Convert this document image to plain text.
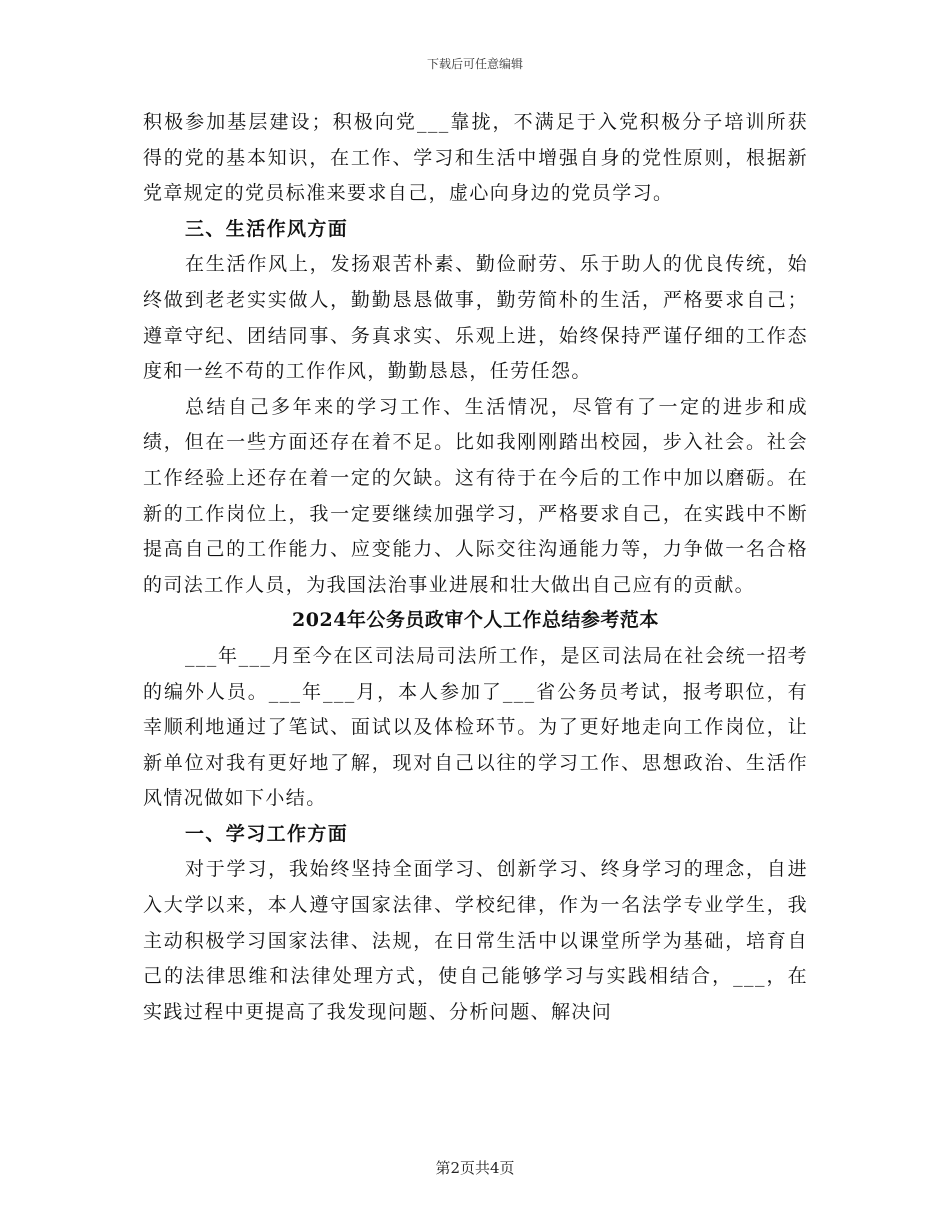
下载后可任意编辑

积极参加基层建设；积极向党___靠拢，不满足于入党积极分子培训所获得的党的基本知识，在工作、学习和生活中增强自身的党性原则，根据新党章规定的党员标准来要求自己，虚心向身边的党员学习。

三、生活作风方面

在生活作风上，发扬艰苦朴素、勤俭耐劳、乐于助人的优良传统，始终做到老老实实做人，勤勤恳恳做事，勤劳简朴的生活，严格要求自己；遵章守纪、团结同事、务真求实、乐观上进，始终保持严谨仔细的工作态度和一丝不苟的工作作风，勤勤恳恳，任劳任怨。

总结自己多年来的学习工作、生活情况，尽管有了一定的进步和成绩，但在一些方面还存在着不足。比如我刚刚踏出校园，步入社会。社会工作经验上还存在着一定的欠缺。这有待于在今后的工作中加以磨砺。在新的工作岗位上，我一定要继续加强学习，严格要求自己，在实践中不断提高自己的工作能力、应变能力、人际交往沟通能力等，力争做一名合格的司法工作人员，为我国法治事业进展和壮大做出自己应有的贡献。

2024年公务员政审个人工作总结参考范本

___年___月至今在区司法局司法所工作，是区司法局在社会统一招考的编外人员。___年___月，本人参加了___省公务员考试，报考职位，有幸顺利地通过了笔试、面试以及体检环节。为了更好地走向工作岗位，让新单位对我有更好地了解，现对自己以往的学习工作、思想政治、生活作风情况做如下小结。

一、学习工作方面

对于学习，我始终坚持全面学习、创新学习、终身学习的理念，自进入大学以来，本人遵守国家法律、学校纪律，作为一名法学专业学生，我主动积极学习国家法律、法规，在日常生活中以课堂所学为基础，培育自己的法律思维和法律处理方式，使自己能够学习与实践相结合，___，在实践过程中更提高了我发现问题、分析问题、解决问

第2页共4页
